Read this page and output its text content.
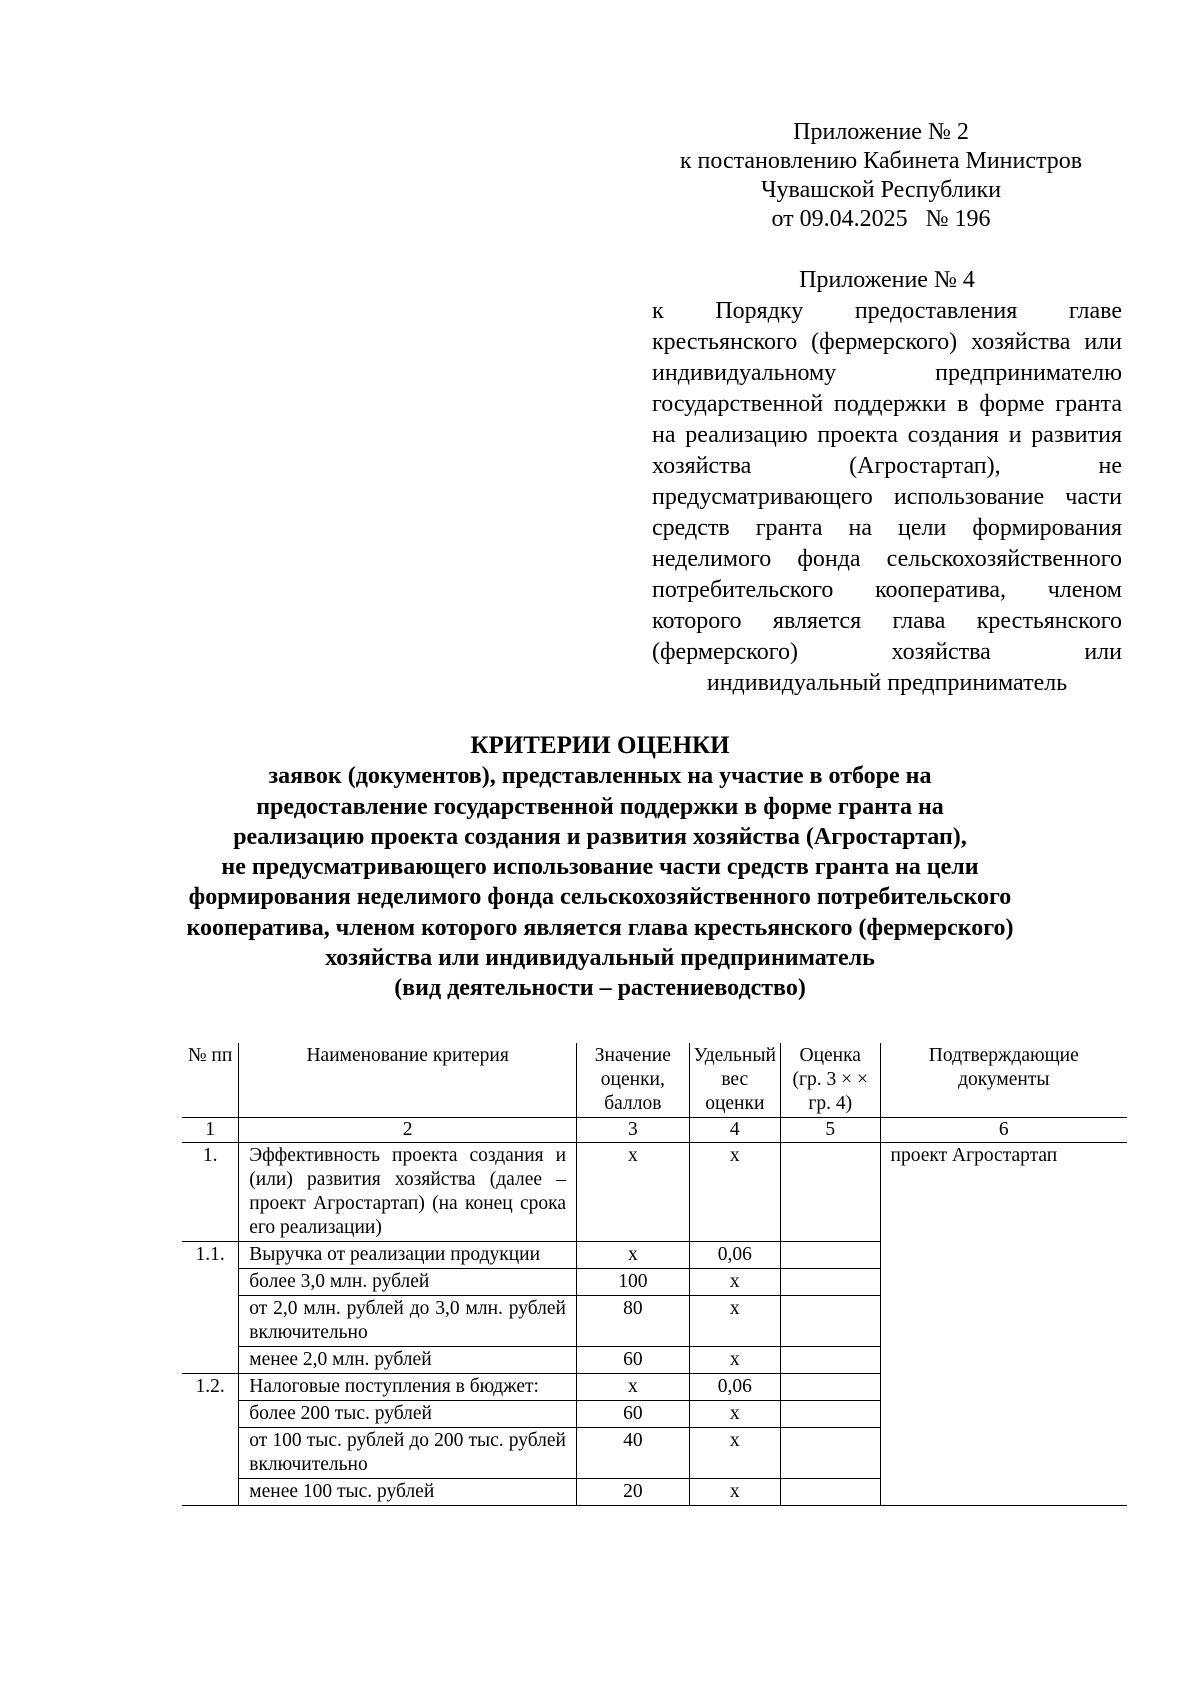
Приложение № 2
к постановлению Кабинета Министров
Чувашской Республики
от 09.04.2025   № 196
Приложение № 4
к Порядку предоставления главе крестьянского (фермерского) хозяйства или индивидуальному предпринимателю государственной поддержки в форме гранта на реализацию проекта создания и развития хозяйства (Агростартап), не предусматривающего использование части средств гранта на цели формирования неделимого фонда сельскохозяйственного потребительского кооператива, членом которого является глава крестьянского (фермерского) хозяйства или индивидуальный предприниматель
КРИТЕРИИ ОЦЕНКИ
заявок (документов), представленных на участие в отборе на
предоставление государственной поддержки в форме гранта на
реализацию проекта создания и развития хозяйства (Агростартап),
не предусматривающего использование части средств гранта на цели
формирования неделимого фонда сельскохозяйственного потребительского
кооператива, членом которого является глава крестьянского (фермерского)
хозяйства или индивидуальный предприниматель
(вид деятельности – растениеводство)
№ пп	Наименование критерия	Значение оценки, баллов	Удельный вес оценки	Оценка (гр. 3 × × гр. 4)	Подтверждающие документы
1	2	3	4	5	6
1.	Эффективность проекта создания и (или) развития хозяйства (далее – проект Агростартап) (на конец срока его реализации)	х	х		проект Агростартап
1.1.	Выручка от реализации продукции	х	0,06		
	более 3,0 млн. рублей	100	х		
	от 2,0 млн. рублей до 3,0 млн. рублей включительно	80	х		
	менее 2,0 млн. рублей	60	х		
1.2.	Налоговые поступления в бюджет:	х	0,06		
	более 200 тыс. рублей	60	х		
	от 100 тыс. рублей до 200 тыс. рублей включительно	40	х		
	менее 100 тыс. рублей	20	х		
